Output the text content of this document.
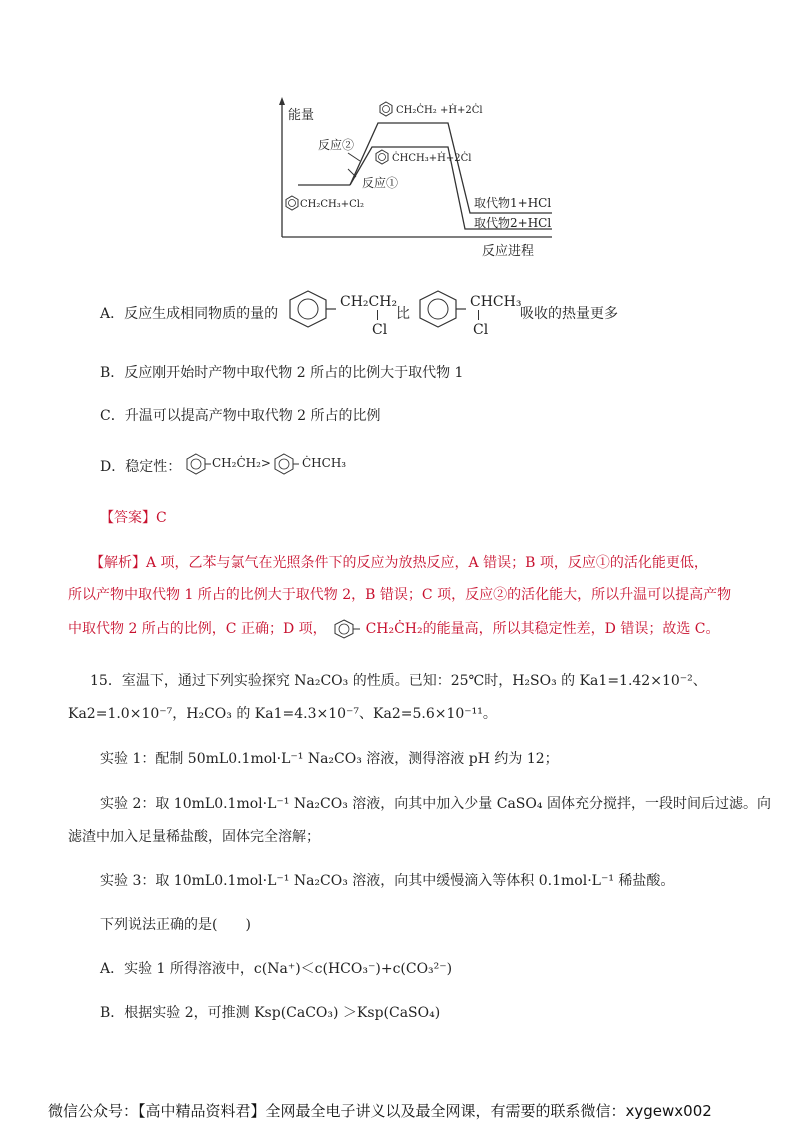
能量
反应进程
CH₂CH₃+Cl₂
CH₂ĊH₂ +Ḣ+2Ċl
ĊHCH₃+Ḣ+2Ċl
反应②
反应①
取代物1+HCl
取代物2+HCl
A．反应生成相同物质的量的
CH₂CH₂
Cl
比
CHCH₃
Cl
吸收的热量更多
B．反应刚开始时产物中取代物 2 所占的比例大于取代物 1
C．升温可以提高产物中取代物 2 所占的比例
D．稳定性：	CH₂ĊH₂>	ĊHCH₃
【答案】C
【解析】A 项，乙苯与氯气在光照条件下的反应为放热反应，A 错误；B 项，反应①的活化能更低，
所以产物中取代物 1 所占的比例大于取代物 2，B 错误；C 项，反应②的活化能大，所以升温可以提高产物
中取代物 2 所占的比例，C 正确；D 项，	CH₂ĊH₂的能量高，所以其稳定性差，D 错误；故选 C。
15．室温下，通过下列实验探究 Na₂CO₃ 的性质。已知：25℃时，H₂SO₃ 的 Ka1=1.42×10⁻²、
Ka2=1.0×10⁻⁷，H₂CO₃ 的 Ka1=4.3×10⁻⁷、Ka2=5.6×10⁻¹¹。
实验 1：配制 50mL0.1mol·L⁻¹ Na₂CO₃ 溶液，测得溶液 pH 约为 12；
实验 2：取 10mL0.1mol·L⁻¹ Na₂CO₃ 溶液，向其中加入少量 CaSO₄ 固体充分搅拌，一段时间后过滤。向
滤渣中加入足量稀盐酸，固体完全溶解；
实验 3：取 10mL0.1mol·L⁻¹ Na₂CO₃ 溶液，向其中缓慢滴入等体积 0.1mol·L⁻¹ 稀盐酸。
下列说法正确的是(　　)
A．实验 1 所得溶液中，c(Na⁺)＜c(HCO₃⁻)+c(CO₃²⁻)
B．根据实验 2，可推测 Ksp(CaCO₃) ＞Ksp(CaSO₄)
微信公众号：【高中精品资料君】全网最全电子讲义以及最全网课，有需要的联系微信：xygewx002
